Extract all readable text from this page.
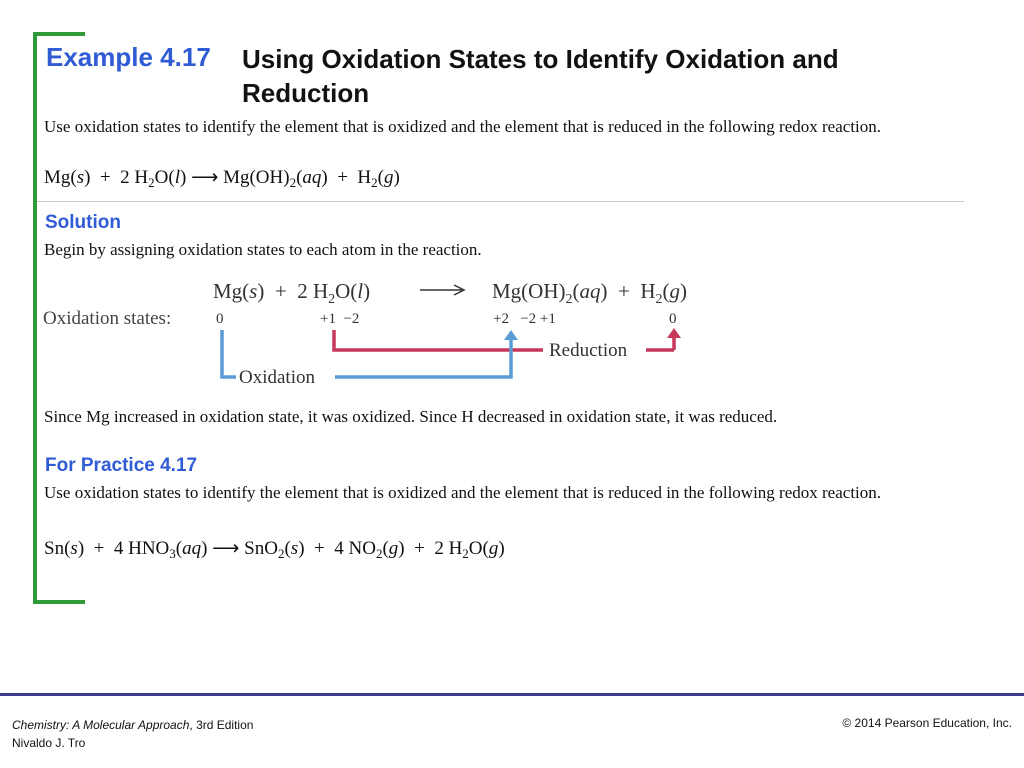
Example 4.17 Using Oxidation States to Identify Oxidation and Reduction
Use oxidation states to identify the element that is oxidized and the element that is reduced in the following redox reaction.
Mg(s)  +  2 $H_2O(l)$ ⟶ $Mg(OH)_2(aq) + H_2(g)$
Solution
Begin by assigning oxidation states to each atom in the reaction.
Mg(s)  +  2 $H_2O(l)$	$Mg(OH)_2(aq) + H_2(g)$
Oxidation states:	0	+1  −2	+2   −2 +1	0
Reduction
Oxidation
Since Mg increased in oxidation state, it was oxidized. Since H decreased in oxidation state, it was reduced.
For Practice 4.17
Use oxidation states to identify the element that is oxidized and the element that is reduced in the following redox reaction.
Sn(s)  +  4 $HNO_3(aq)$ ⟶ SnO$_2$(s)  +  4 $NO_2(g) + 2$ $H_2O(g)$
Chemistry: A Molecular Approach, 3rd Edition
Nivaldo J. Tro
© 2014 Pearson Education, Inc.
